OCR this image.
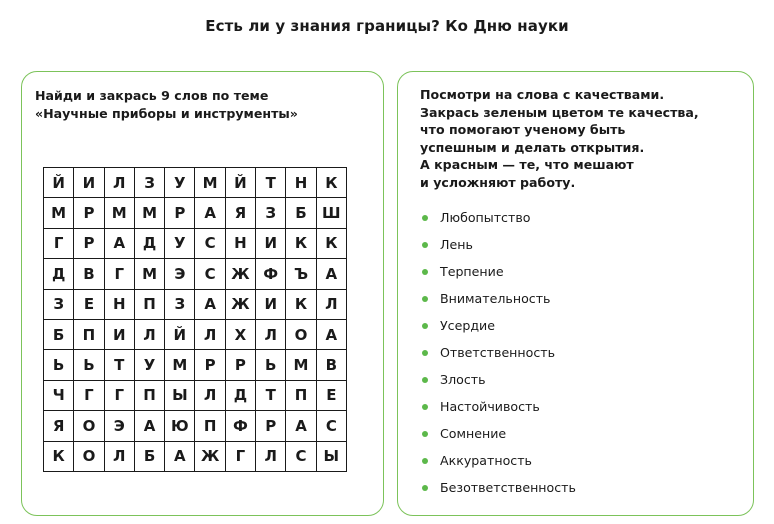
Есть ли у знания границы? Ко Дню науки
Найди и закрась 9 слов по теме
«Научные приборы и инструменты»
Й	И	Л	З	У	М	Й	Т	Н	К
М	Р	М	М	Р	А	Я	З	Б	Ш
Г	Р	А	Д	У	С	Н	И	К	К
Д	В	Г	М	Э	С	Ж	Ф	Ъ	А
З	Е	Н	П	З	А	Ж	И	К	Л
Б	П	И	Л	Й	Л	Х	Л	О	А
Ь	Ь	Т	У	М	Р	Р	Ь	М	В
Ч	Г	Г	П	Ы	Л	Д	Т	П	Е
Я	О	Э	А	Ю	П	Ф	Р	А	С
К	О	Л	Б	А	Ж	Г	Л	С	Ы
Посмотри на слова с качествами.
Закрась зеленым цветом те качества,
что помогают ученому быть
успешным и делать открытия.
А красным — те, что мешают
и усложняют работу.
Любопытство
Лень
Терпение
Внимательность
Усердие
Ответственность
Злость
Настойчивость
Сомнение
Аккуратность
Безответственность
